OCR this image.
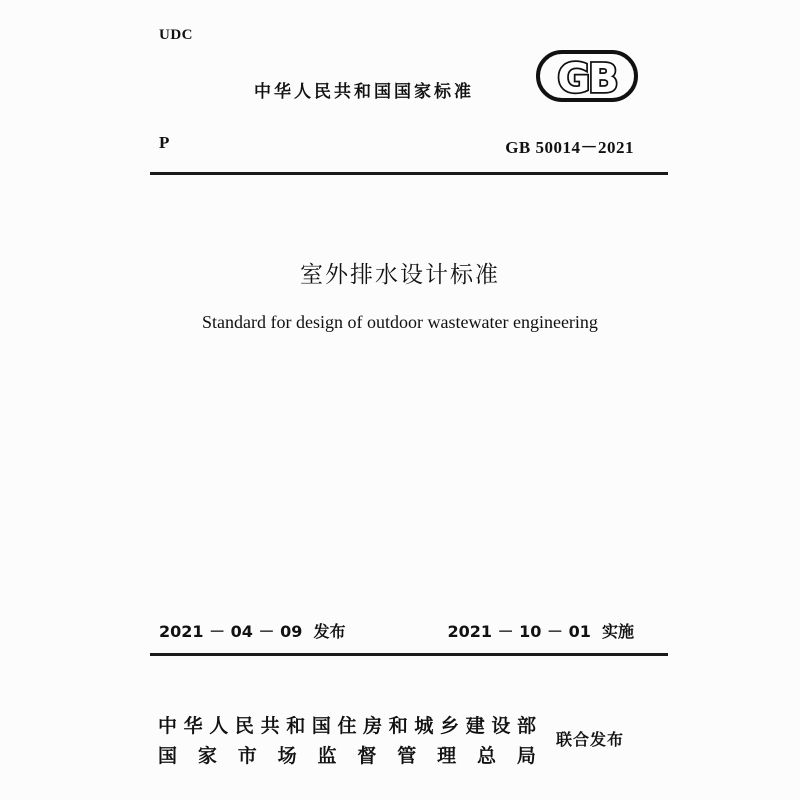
UDC
中华人民共和国国家标准 GB
P	GB 50014－2021
室外排水设计标准
Standard for design of outdoor wastewater engineering
2021 － 04 － 09  发布	2021 － 10 － 01  实施
中 华 人 民 共 和 国 住 房 和 城 乡 建 设 部
国 家 市 场 监 督 管 理 总 局
联合发布
